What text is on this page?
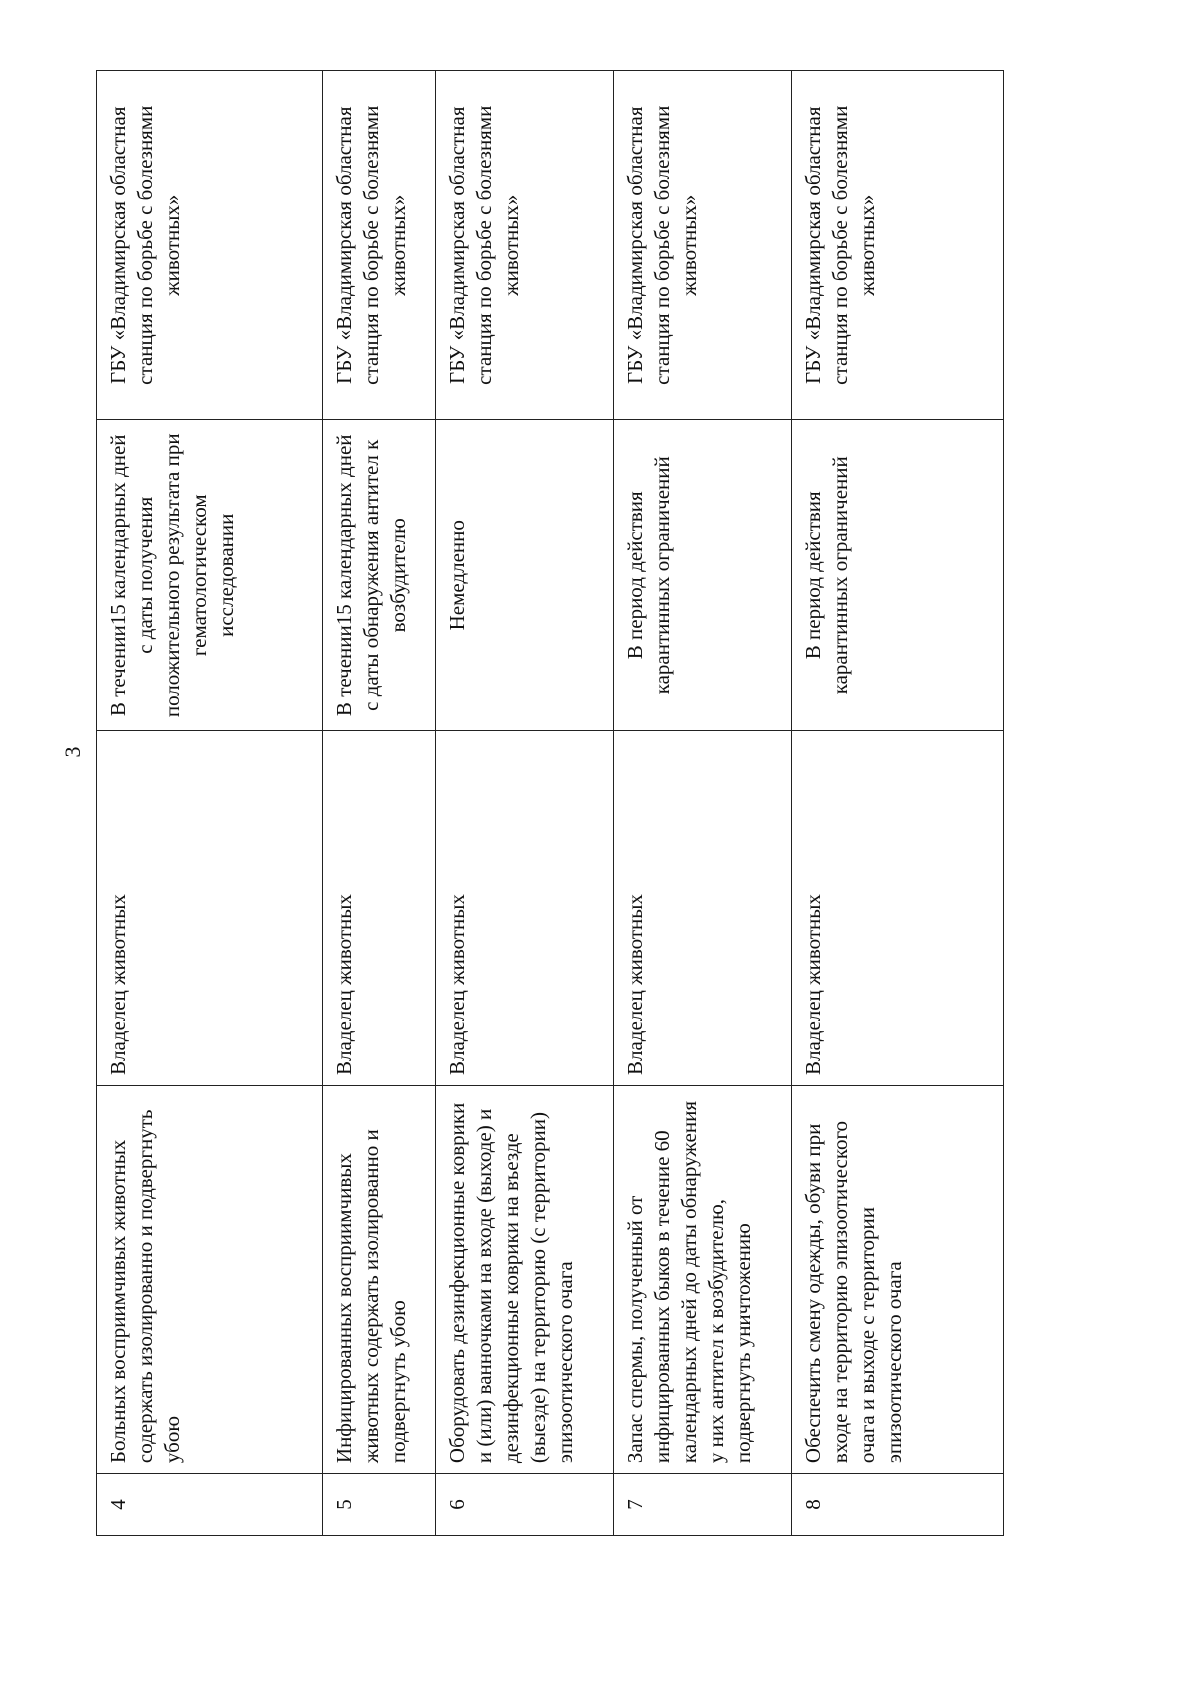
3
4	Больных восприимчивых животных содержать изолированно и подвергнуть убою	Владелец животных	В течении15 календарных дней с даты получения положительного результата при гематологическом исследовании	ГБУ «Владимирская областная станция по борьбе с болезнями животных»
5	Инфицированных восприимчивых животных содержать изолированно и подвергнуть убою	Владелец животных	В течении15 календарных дней с даты обнаружения антител к возбудителю	ГБУ «Владимирская областная станция по борьбе с болезнями животных»
6	Оборудовать дезинфекционные коврики и (или) ванночками на входе (выходе) и дезинфекционные коврики на въезде (выезде) на территорию (с территории) эпизоотического очага	Владелец животных	Немедленно	ГБУ «Владимирская областная станция по борьбе с болезнями животных»
7	Запас спермы, полученный от инфицированных быков в течение 60 календарных дней до даты обнаружения у них антител к возбудителю, подвергнуть уничтожению	Владелец животных	В период действия карантинных ограничений	ГБУ «Владимирская областная станция по борьбе с болезнями животных»
8	Обеспечить смену одежды, обуви при входе на территорию эпизоотического очага и выходе с территории эпизоотического очага	Владелец животных	В период действия карантинных ограничений	ГБУ «Владимирская областная станция по борьбе с болезнями животных»
